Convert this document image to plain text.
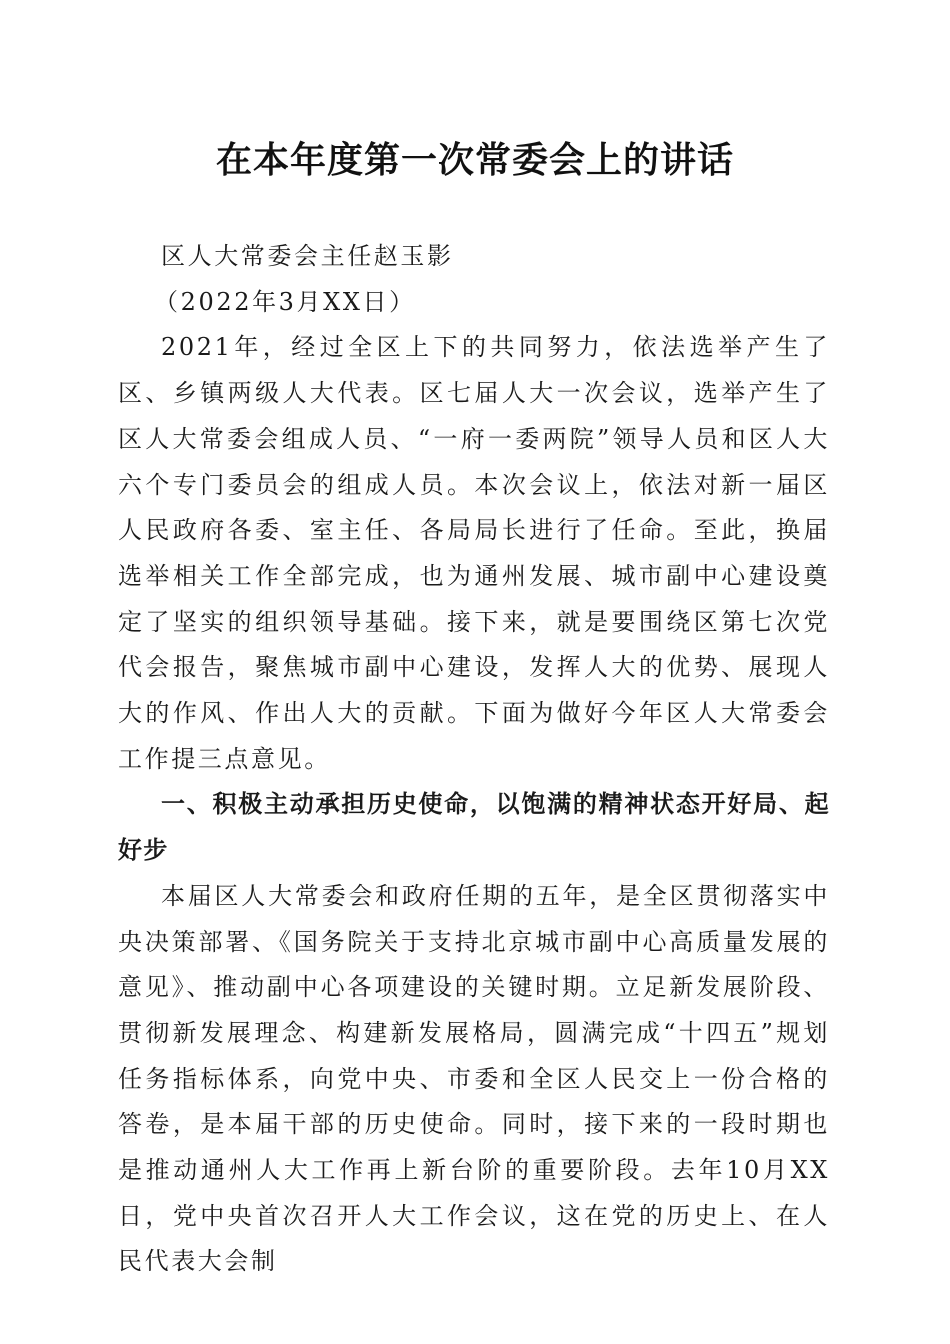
在本年度第一次常委会上的讲话

区人大常委会主任赵玉影

（2022年3月XX日）

2021年，经过全区上下的共同努力，依法选举产生了区、乡镇两级人大代表。区七届人大一次会议，选举产生了区人大常委会组成人员、“一府一委两院”领导人员和区人大六个专门委员会的组成人员。本次会议上，依法对新一届区人民政府各委、室主任、各局局长进行了任命。至此，换届选举相关工作全部完成，也为通州发展、城市副中心建设奠定了坚实的组织领导基础。接下来，就是要围绕区第七次党代会报告，聚焦城市副中心建设，发挥人大的优势、展现人大的作风、作出人大的贡献。下面为做好今年区人大常委会工作提三点意见。

一、积极主动承担历史使命，以饱满的精神状态开好局、起好步

本届区人大常委会和政府任期的五年，是全区贯彻落实中央决策部署、《国务院关于支持北京城市副中心高质量发展的意见》、推动副中心各项建设的关键时期。立足新发展阶段、贯彻新发展理念、构建新发展格局，圆满完成“十四五”规划任务指标体系，向党中央、市委和全区人民交上一份合格的答卷，是本届干部的历史使命。同时，接下来的一段时期也是推动通州人大工作再上新台阶的重要阶段。去年10月XX日，党中央首次召开人大工作会议，这在党的历史上、在人民代表大会制
